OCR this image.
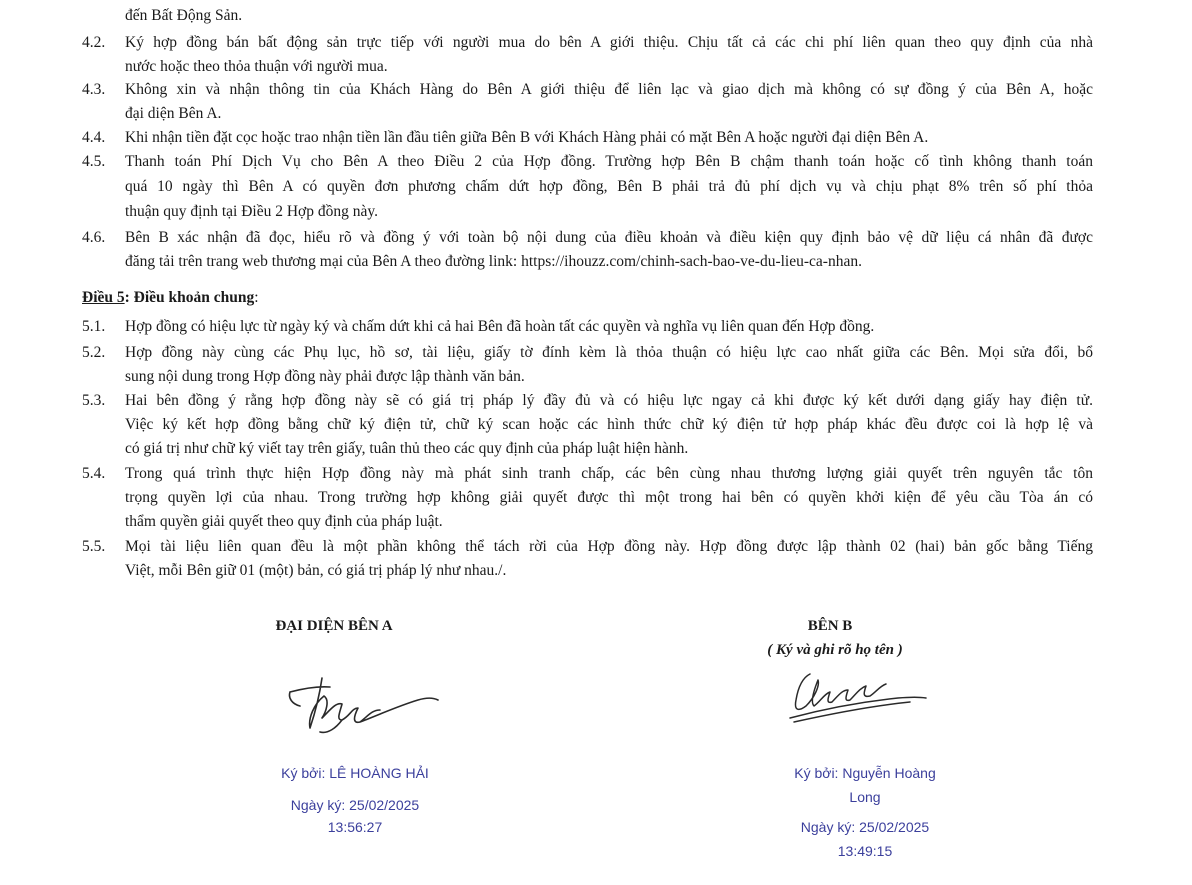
đến Bất Động Sản.
4.2. Ký hợp đồng bán bất động sản trực tiếp với người mua do bên A giới thiệu. Chịu tất cả các chi phí liên quan theo quy định của nhà
nước hoặc theo thỏa thuận với người mua.
4.3. Không xin và nhận thông tin của Khách Hàng do Bên A giới thiệu để liên lạc và giao dịch mà không có sự đồng ý của Bên A, hoặc
đại diện Bên A.
4.4. Khi nhận tiền đặt cọc hoặc trao nhận tiền lần đầu tiên giữa Bên B với Khách Hàng phải có mặt Bên A hoặc người đại diện Bên A.
4.5. Thanh toán Phí Dịch Vụ cho Bên A theo Điều 2 của Hợp đồng. Trường hợp Bên B chậm thanh toán hoặc cố tình không thanh toán
quá 10 ngày thì Bên A có quyền đơn phương chấm dứt hợp đồng, Bên B phải trả đủ phí dịch vụ và chịu phạt 8% trên số phí thỏa
thuận quy định tại Điều 2 Hợp đồng này.
4.6. Bên B xác nhận đã đọc, hiểu rõ và đồng ý với toàn bộ nội dung của điều khoản và điều kiện quy định bảo vệ dữ liệu cá nhân đã được
đăng tải trên trang web thương mại của Bên A theo đường link: https://ihouzz.com/chinh-sach-bao-ve-du-lieu-ca-nhan.
Điều 5: Điều khoản chung:
5.1. Hợp đồng có hiệu lực từ ngày ký và chấm dứt khi cả hai Bên đã hoàn tất các quyền và nghĩa vụ liên quan đến Hợp đồng.
5.2. Hợp đồng này cùng các Phụ lục, hồ sơ, tài liệu, giấy tờ đính kèm là thỏa thuận có hiệu lực cao nhất giữa các Bên. Mọi sửa đổi, bổ
sung nội dung trong Hợp đồng này phải được lập thành văn bản.
5.3. Hai bên đồng ý rằng hợp đồng này sẽ có giá trị pháp lý đầy đủ và có hiệu lực ngay cả khi được ký kết dưới dạng giấy hay điện tử.
Việc ký kết hợp đồng bằng chữ ký điện tử, chữ ký scan hoặc các hình thức chữ ký điện tử hợp pháp khác đều được coi là hợp lệ và
có giá trị như chữ ký viết tay trên giấy, tuân thủ theo các quy định của pháp luật hiện hành.
5.4. Trong quá trình thực hiện Hợp đồng này mà phát sinh tranh chấp, các bên cùng nhau thương lượng giải quyết trên nguyên tắc tôn
trọng quyền lợi của nhau. Trong trường hợp không giải quyết được thì một trong hai bên có quyền khởi kiện để yêu cầu Tòa án có
thẩm quyền giải quyết theo quy định của pháp luật.
5.5. Mọi tài liệu liên quan đều là một phần không thể tách rời của Hợp đồng này. Hợp đồng được lập thành 02 (hai) bản gốc bằng Tiếng
Việt, mỗi Bên giữ 01 (một) bản, có giá trị pháp lý như nhau./.
ĐẠI DIỆN BÊN A
Ký bởi: LÊ HOÀNG HẢI
Ngày ký: 25/02/2025
13:56:27
BÊN B
( Ký và ghi rõ họ tên )
Ký bởi: Nguyễn Hoàng
Long
Ngày ký: 25/02/2025
13:49:15
